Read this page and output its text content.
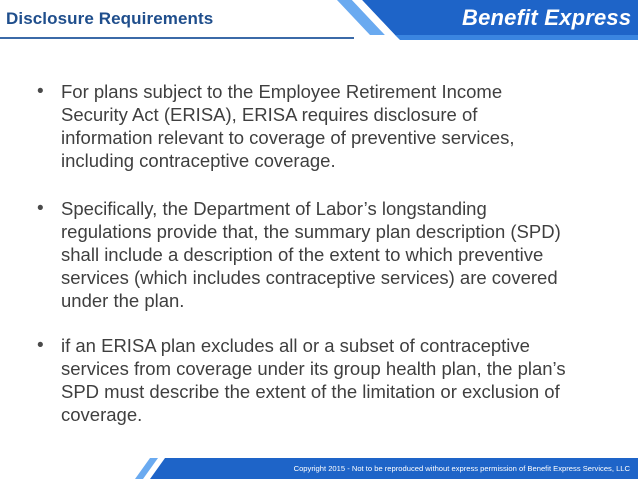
Disclosure Requirements	Benefit Express
• For plans subject to the Employee Retirement Income
Security Act (ERISA), ERISA requires disclosure of
information relevant to coverage of preventive services,
including contraceptive coverage.
• Specifically, the Department of Labor’s longstanding
regulations provide that, the summary plan description (SPD)
shall include a description of the extent to which preventive
services (which includes contraceptive services) are covered
under the plan.
• if an ERISA plan excludes all or a subset of contraceptive
services from coverage under its group health plan, the plan’s
SPD must describe the extent of the limitation or exclusion of
coverage.
Copyright 2015 - Not to be reproduced without express permission of Benefit Express Services, LLC
